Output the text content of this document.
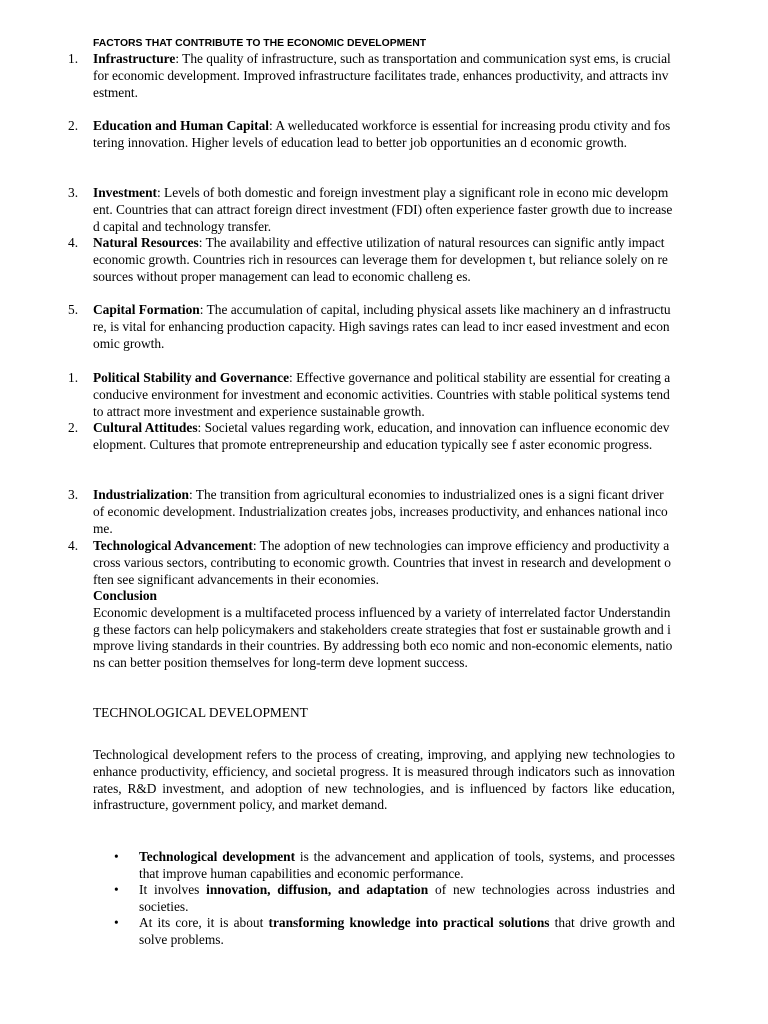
FACTORS THAT CONTRIBUTE TO THE ECONOMIC DEVELOPMENT
1. Infrastructure: The quality of infrastructure, such as transportation and communication syst ems, is crucial for economic development. Improved infrastructure facilitates trade, enhances productivity, and attracts investment.
2. Education and Human Capital: A welleducated workforce is essential for increasing produ ctivity and fostering innovation. Higher levels of education lead to better job opportunities an d economic growth.
3. Investment: Levels of both domestic and foreign investment play a significant role in econo mic development. Countries that can attract foreign direct investment (FDI) often experience faster growth due to increased capital and technology transfer.
4. Natural Resources: The availability and effective utilization of natural resources can signific antly impact economic growth. Countries rich in resources can leverage them for developmen t, but reliance solely on resources without proper management can lead to economic challeng es.
5. Capital Formation: The accumulation of capital, including physical assets like machinery an d infrastructure, is vital for enhancing production capacity. High savings rates can lead to incr eased investment and economic growth.
1. Political Stability and Governance: Effective governance and political stability are essential for creating a conducive environment for investment and economic activities. Countries with stable political systems tend to attract more investment and experience sustainable growth.
2. Cultural Attitudes: Societal values regarding work, education, and innovation can influence economic development. Cultures that promote entrepreneurship and education typically see f aster economic progress.
3. Industrialization: The transition from agricultural economies to industrialized ones is a signi ficant driver of economic development. Industrialization creates jobs, increases productivity, and enhances national income.
4. Technological Advancement: The adoption of new technologies can improve efficiency and productivity across various sectors, contributing to economic growth. Countries that invest in research and development often see significant advancements in their economies.
Conclusion
Economic development is a multifaceted process influenced by a variety of interrelated factor Understanding these factors can help policymakers and stakeholders create strategies that fost er sustainable growth and improve living standards in their countries. By addressing both eco nomic and non-economic elements, nations can better position themselves for long-term deve lopment success.
TECHNOLOGICAL DEVELOPMENT
Technological development refers to the process of creating, improving, and applying new technologies to enhance productivity, efficiency, and societal progress. It is measured through indicators such as innovation rates, R&D investment, and adoption of new technologies, and is influenced by factors like education, infrastructure, government policy, and market demand.
• Technological development is the advancement and application of tools, systems, and processes that improve human capabilities and economic performance.
• It involves innovation, diffusion, and adaptation of new technologies across industries and societies.
• At its core, it is about transforming knowledge into practical solutions that drive growth and solve problems.
